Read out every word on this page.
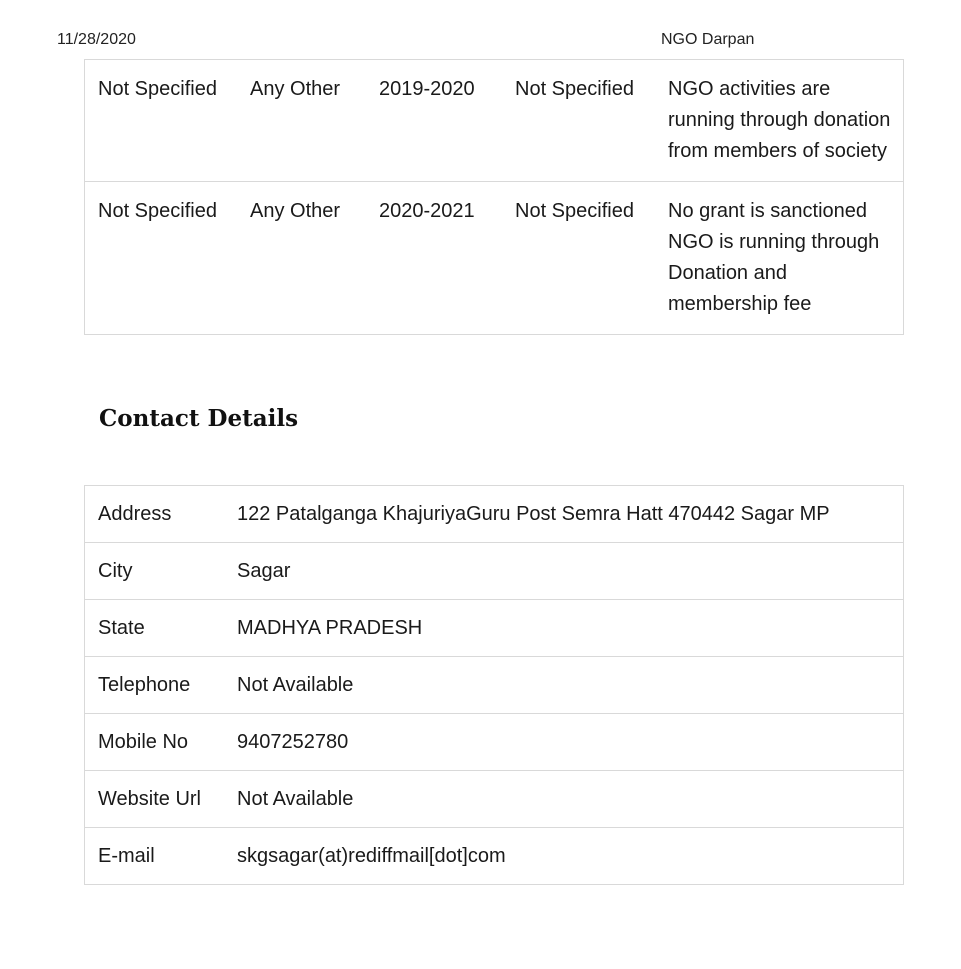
11/28/2020	NGO Darpan
Not Specified	Any Other	2019-2020	Not Specified	NGO activities are running through donation from members of society
Not Specified	Any Other	2020-2021	Not Specified	No grant is sanctioned NGO is running through Donation and membership fee
Contact Details
Address	122 Patalganga KhajuriyaGuru Post Semra Hatt 470442 Sagar MP
City	Sagar
State	MADHYA PRADESH
Telephone	Not Available
Mobile No	9407252780
Website Url	Not Available
E-mail	skgsagar(at)rediffmail[dot]com
